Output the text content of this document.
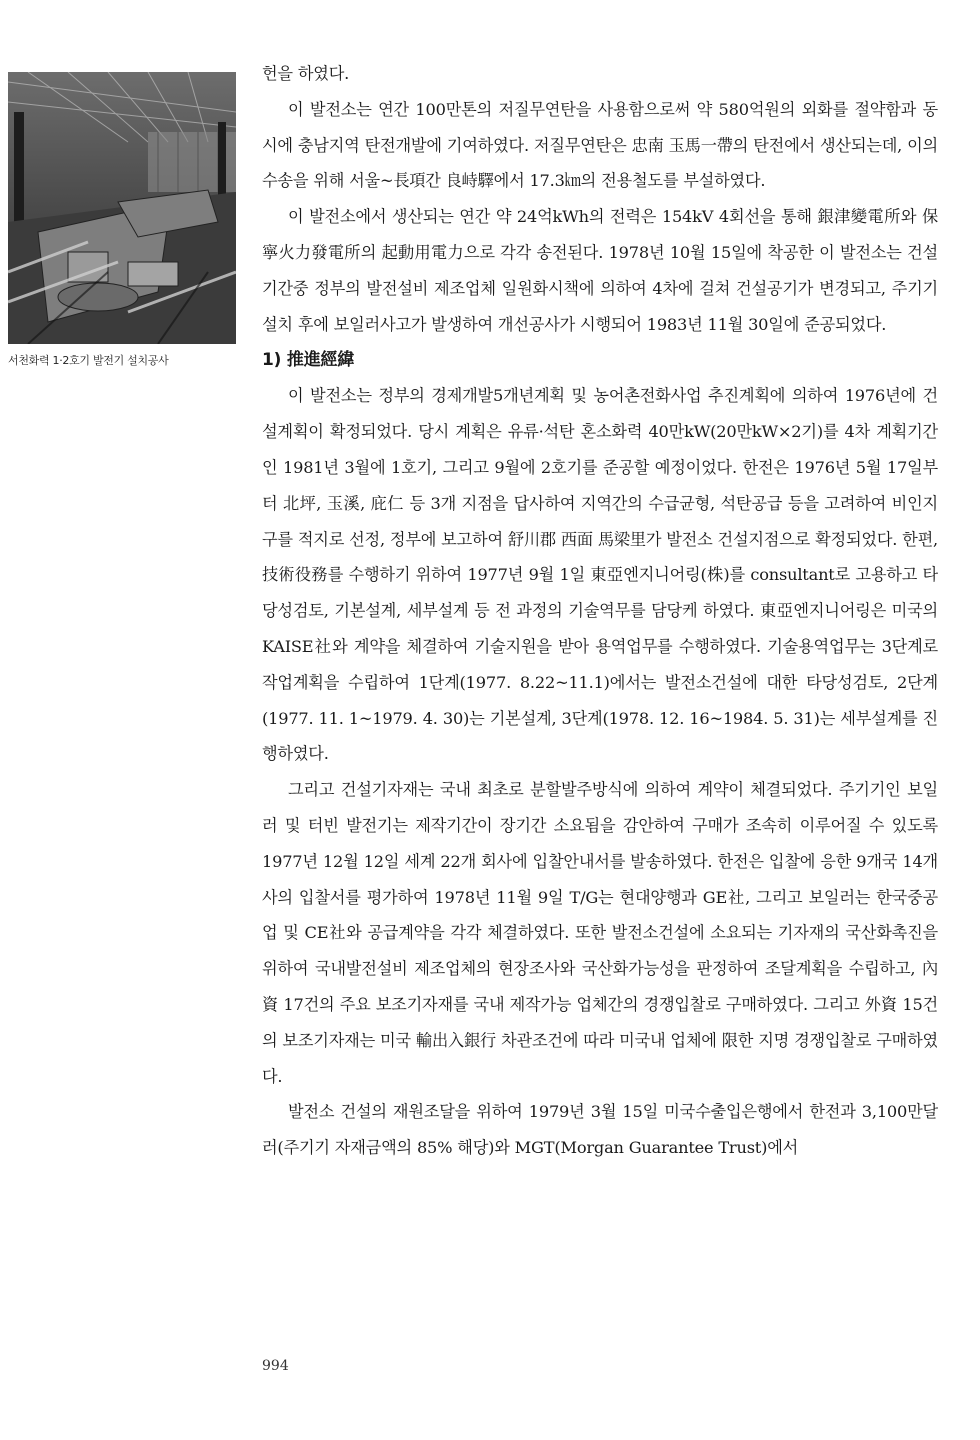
서천화력 1·2호기 발전기 설치공사

헌을 하였다.

이 발전소는 연간 100만톤의 저질무연탄을 사용함으로써 약 580억원의 외화를 절약함과 동시에 충남지역 탄전개발에 기여하였다. 저질무연탄은 忠南 玉馬一帶의 탄전에서 생산되는데, 이의 수송을 위해 서울~長項간 良峙驛에서 17.3㎞의 전용철도를 부설하였다.

이 발전소에서 생산되는 연간 약 24억kWh의 전력은 154kV 4회선을 통해 銀津變電所와 保寧火力發電所의 起動用電力으로 각각 송전된다. 1978년 10월 15일에 착공한 이 발전소는 건설기간중 정부의 발전설비 제조업체 일원화시책에 의하여 4차에 걸쳐 건설공기가 변경되고, 주기기설치 후에 보일러사고가 발생하여 개선공사가 시행되어 1983년 11월 30일에 준공되었다.

1) 推進經緯

이 발전소는 정부의 경제개발5개년계획 및 농어촌전화사업 추진계획에 의하여 1976년에 건설계획이 확정되었다. 당시 계획은 유류·석탄 혼소화력 40만kW(20만kW×2기)를 4차 계획기간인 1981년 3월에 1호기, 그리고 9월에 2호기를 준공할 예정이었다. 한전은 1976년 5월 17일부터 北坪, 玉溪, 庇仁 등 3개 지점을 답사하여 지역간의 수급균형, 석탄공급 등을 고려하여 비인지구를 적지로 선정, 정부에 보고하여 舒川郡 西面 馬梁里가 발전소 건설지점으로 확정되었다. 한편, 技術役務를 수행하기 위하여 1977년 9월 1일 東亞엔지니어링(株)를 consultant로 고용하고 타당성검토, 기본설계, 세부설계 등 전 과정의 기술역무를 담당케 하였다. 東亞엔지니어링은 미국의 KAISE社와 계약을 체결하여 기술지원을 받아 용역업무를 수행하였다. 기술용역업무는 3단계로 작업계획을 수립하여 1단계(1977. 8.22~11.1)에서는 발전소건설에 대한 타당성검토, 2단계(1977. 11. 1~1979. 4. 30)는 기본설계, 3단계(1978. 12. 16~1984. 5. 31)는 세부설계를 진행하였다.

그리고 건설기자재는 국내 최초로 분할발주방식에 의하여 계약이 체결되었다. 주기기인 보일러 및 터빈 발전기는 제작기간이 장기간 소요됨을 감안하여 구매가 조속히 이루어질 수 있도록 1977년 12월 12일 세계 22개 회사에 입찰안내서를 발송하였다. 한전은 입찰에 응한 9개국 14개사의 입찰서를 평가하여 1978년 11월 9일 T/G는 현대양행과 GE社, 그리고 보일러는 한국중공업 및 CE社와 공급계약을 각각 체결하였다. 또한 발전소건설에 소요되는 기자재의 국산화촉진을 위하여 국내발전설비 제조업체의 현장조사와 국산화가능성을 판정하여 조달계획을 수립하고, 內資 17건의 주요 보조기자재를 국내 제작가능 업체간의 경쟁입찰로 구매하였다. 그리고 外資 15건의 보조기자재는 미국 輸出入銀行 차관조건에 따라 미국내 업체에 限한 지명 경쟁입찰로 구매하였다.

발전소 건설의 재원조달을 위하여 1979년 3월 15일 미국수출입은행에서 한전과 3,100만달러(주기기 자재금액의 85% 해당)와 MGT(Morgan Guarantee Trust)에서

994
